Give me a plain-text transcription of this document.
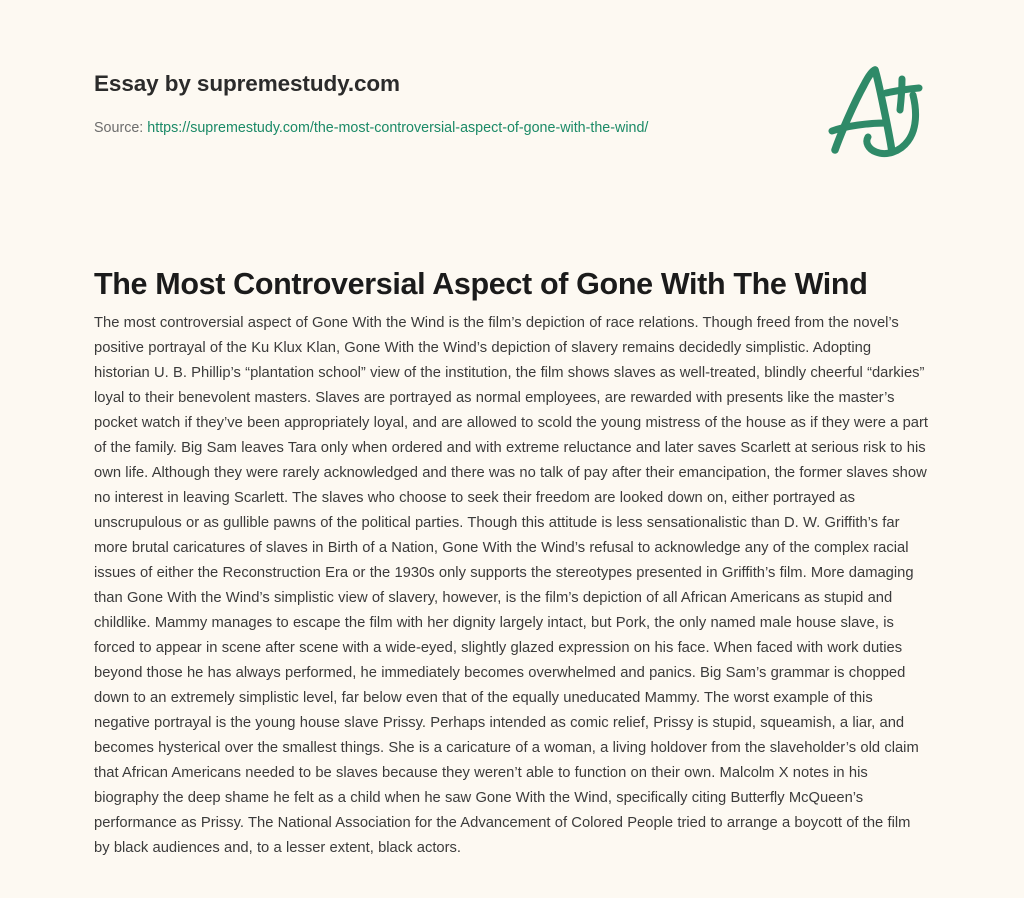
Essay by supremestudy.com
Source: https://supremestudy.com/the-most-controversial-aspect-of-gone-with-the-wind/
The Most Controversial Aspect of Gone With The Wind

The most controversial aspect of Gone With the Wind is the film’s depiction of race relations. Though freed from the novel’s positive portrayal of the Ku Klux Klan, Gone With the Wind’s depiction of slavery remains decidedly simplistic. Adopting historian U. B. Phillip’s “plantation school” view of the institution, the film shows slaves as well-treated, blindly cheerful “darkies” loyal to their benevolent masters. Slaves are portrayed as normal employees, are rewarded with presents like the master’s pocket watch if they’ve been appropriately loyal, and are allowed to scold the young mistress of the house as if they were a part of the family. Big Sam leaves Tara only when ordered and with extreme reluctance and later saves Scarlett at serious risk to his own life. Although they were rarely acknowledged and there was no talk of pay after their emancipation, the former slaves show no interest in leaving Scarlett. The slaves who choose to seek their freedom are looked down on, either portrayed as unscrupulous or as gullible pawns of the political parties. Though this attitude is less sensationalistic than D. W. Griffith’s far more brutal caricatures of slaves in Birth of a Nation, Gone With the Wind’s refusal to acknowledge any of the complex racial issues of either the Reconstruction Era or the 1930s only supports the stereotypes presented in Griffith’s film. More damaging than Gone With the Wind’s simplistic view of slavery, however, is the film’s depiction of all African Americans as stupid and childlike. Mammy manages to escape the film with her dignity largely intact, but Pork, the only named male house slave, is forced to appear in scene after scene with a wide-eyed, slightly glazed expression on his face. When faced with work duties beyond those he has always performed, he immediately becomes overwhelmed and panics. Big Sam’s grammar is chopped down to an extremely simplistic level, far below even that of the equally uneducated Mammy. The worst example of this negative portrayal is the young house slave Prissy. Perhaps intended as comic relief, Prissy is stupid, squeamish, a liar, and becomes hysterical over the smallest things. She is a caricature of a woman, a living holdover from the slaveholder’s old claim that African Americans needed to be slaves because they weren’t able to function on their own. Malcolm X notes in his biography the deep shame he felt as a child when he saw Gone With the Wind, specifically citing Butterfly McQueen’s performance as Prissy. The National Association for the Advancement of Colored People tried to arrange a boycott of the film by black audiences and, to a lesser extent, black actors.
